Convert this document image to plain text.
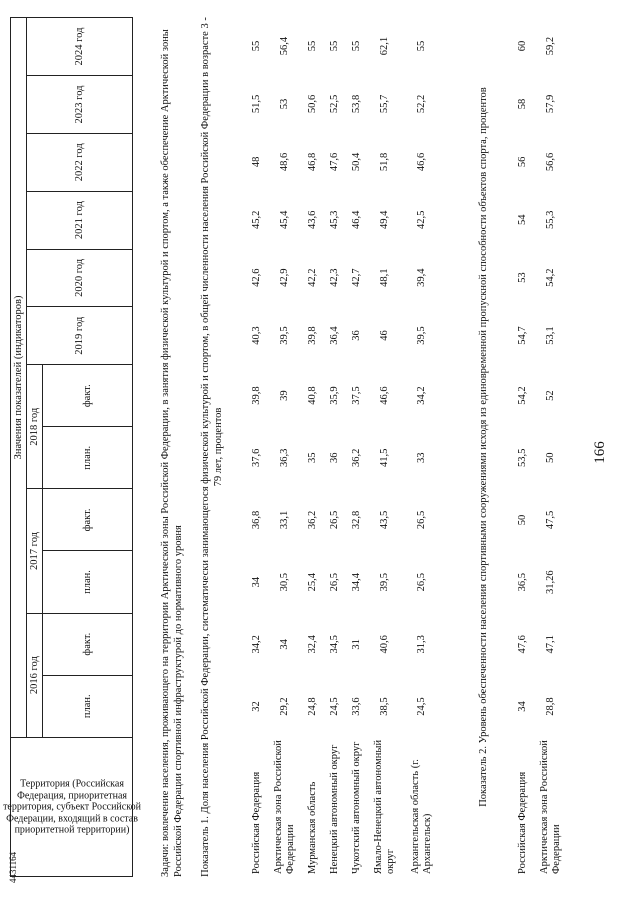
166
4431164
Территория (Российская Федерация, приоритетная территория, субъект Российской Федерации, входящий в состав приоритетной территории)	Значения показателей (индикаторов)											
	2016 год		2017 год		2018 год		2019 год	2020 год	2021 год	2022 год	2023 год	2024 год
	план.	факт.	план.	факт.	план.	факт.							Задачи: вовлечение населения, проживающего на территории Арктической зоны Российской Федерации, в занятия физической культурой и спортом, а также обеспечение Арктической зоны Российской Федерации спортивной инфраструктурой до нормативного уровня Показатель 1. Доля населения Российской Федерации, систематически занимающегося физической культурой и спортом, в общей численности населения Российской Федерации в возрасте 3 - 79 лет, процентов
Российская Федерация	32	34,2	34	36,8	37,6	39,8	40,3	42,6	45,2	48	51,5	55
Арктическая зона Российской Федерации	29,2	34	30,5	33,1	36,3	39	39,5	42,9	45,4	48,6	53	56,4
Мурманская область	24,8	32,4	25,4	36,2	35	40,8	39,8	42,2	43,6	46,8	50,6	55
Ненецкий автономный округ	24,5	34,5	26,5	26,5	36	35,9	36,4	42,3	45,3	47,6	52,5	55
Чукотский автономный округ	33,6	31	34,4	32,8	36,2	37,5	36	42,7	46,4	50,4	53,8	55
Ямало-Ненецкий автономный округ	38,5	40,6	39,5	43,5	41,5	46,6	46	48,1	49,4	51,8	55,7	62,1
Архангельская область (г. Архангельск)	24,5	31,3	26,5	26,5	33	34,2	39,5	39,4	42,5	46,6	52,2	55
Показатель 2. Уровень обеспеченности населения спортивными сооружениями исходя из единовременной пропускной способности объектов спорта, процентов
Российская Федерация	34	47,6	36,5	50	53,5	54,2	54,7	53	54	56	58	60
Арктическая зона Российской Федерации	28,8	47,1	31,26	47,5	50	52	53,1	54,2	55,3	56,6	57,9	59,2
